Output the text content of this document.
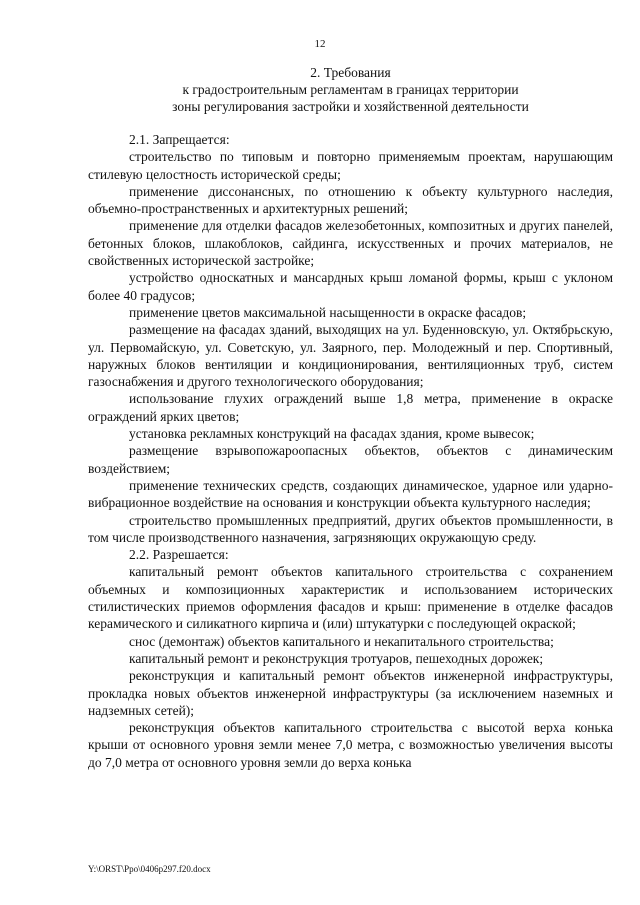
12
2. Требования
к градостроительным регламентам в границах территории
зоны регулирования застройки и хозяйственной деятельности

2.1. Запрещается:

строительство по типовым и повторно применяемым проектам, нарушающим стилевую целостность исторической среды;

применение диссонансных, по отношению к объекту культурного наследия, объемно-пространственных и архитектурных решений;

применение для отделки фасадов железобетонных, композитных и других панелей, бетонных блоков, шлакоблоков, сайдинга, искусственных и прочих материалов, не свойственных исторической застройке;

устройство односкатных и мансардных крыш ломаной формы, крыш с уклоном более 40 градусов;

применение цветов максимальной насыщенности в окраске фасадов;

размещение на фасадах зданий, выходящих на ул. Буденновскую, ул. Октябрьскую, ул. Первомайскую, ул. Советскую, ул. Заярного, пер. Молодежный и пер. Спортивный, наружных блоков вентиляции и кондиционирования, вентиляционных труб, систем газоснабжения и другого технологического оборудования;

использование глухих ограждений выше 1,8 метра, применение в окраске ограждений ярких цветов;

установка рекламных конструкций на фасадах здания, кроме вывесок;

размещение взрывопожароопасных объектов, объектов с динамическим воздействием;

применение технических средств, создающих динамическое, ударное или ударно-вибрационное воздействие на основания и конструкции объекта культурного наследия;

строительство промышленных предприятий, других объектов промышленности, в том числе производственного назначения, загрязняющих окружающую среду.

2.2. Разрешается:

капитальный ремонт объектов капитального строительства с сохранением объемных и композиционных характеристик и использованием исторических стилистических приемов оформления фасадов и крыш: применение в отделке фасадов керамического и силикатного кирпича и (или) штукатурки с последующей окраской;

снос (демонтаж) объектов капитального и некапитального строительства;

капитальный ремонт и реконструкция тротуаров, пешеходных дорожек;

реконструкция и капитальный ремонт объектов инженерной инфраструктуры, прокладка новых объектов инженерной инфраструктуры (за исключением наземных и надземных сетей);

реконструкция объектов капитального строительства с высотой верха конька крыши от основного уровня земли менее 7,0 метра, с возможностью увеличения высоты до 7,0 метра от основного уровня земли до верха конька

Y:\ORST\Ppo\0406p297.f20.docx
